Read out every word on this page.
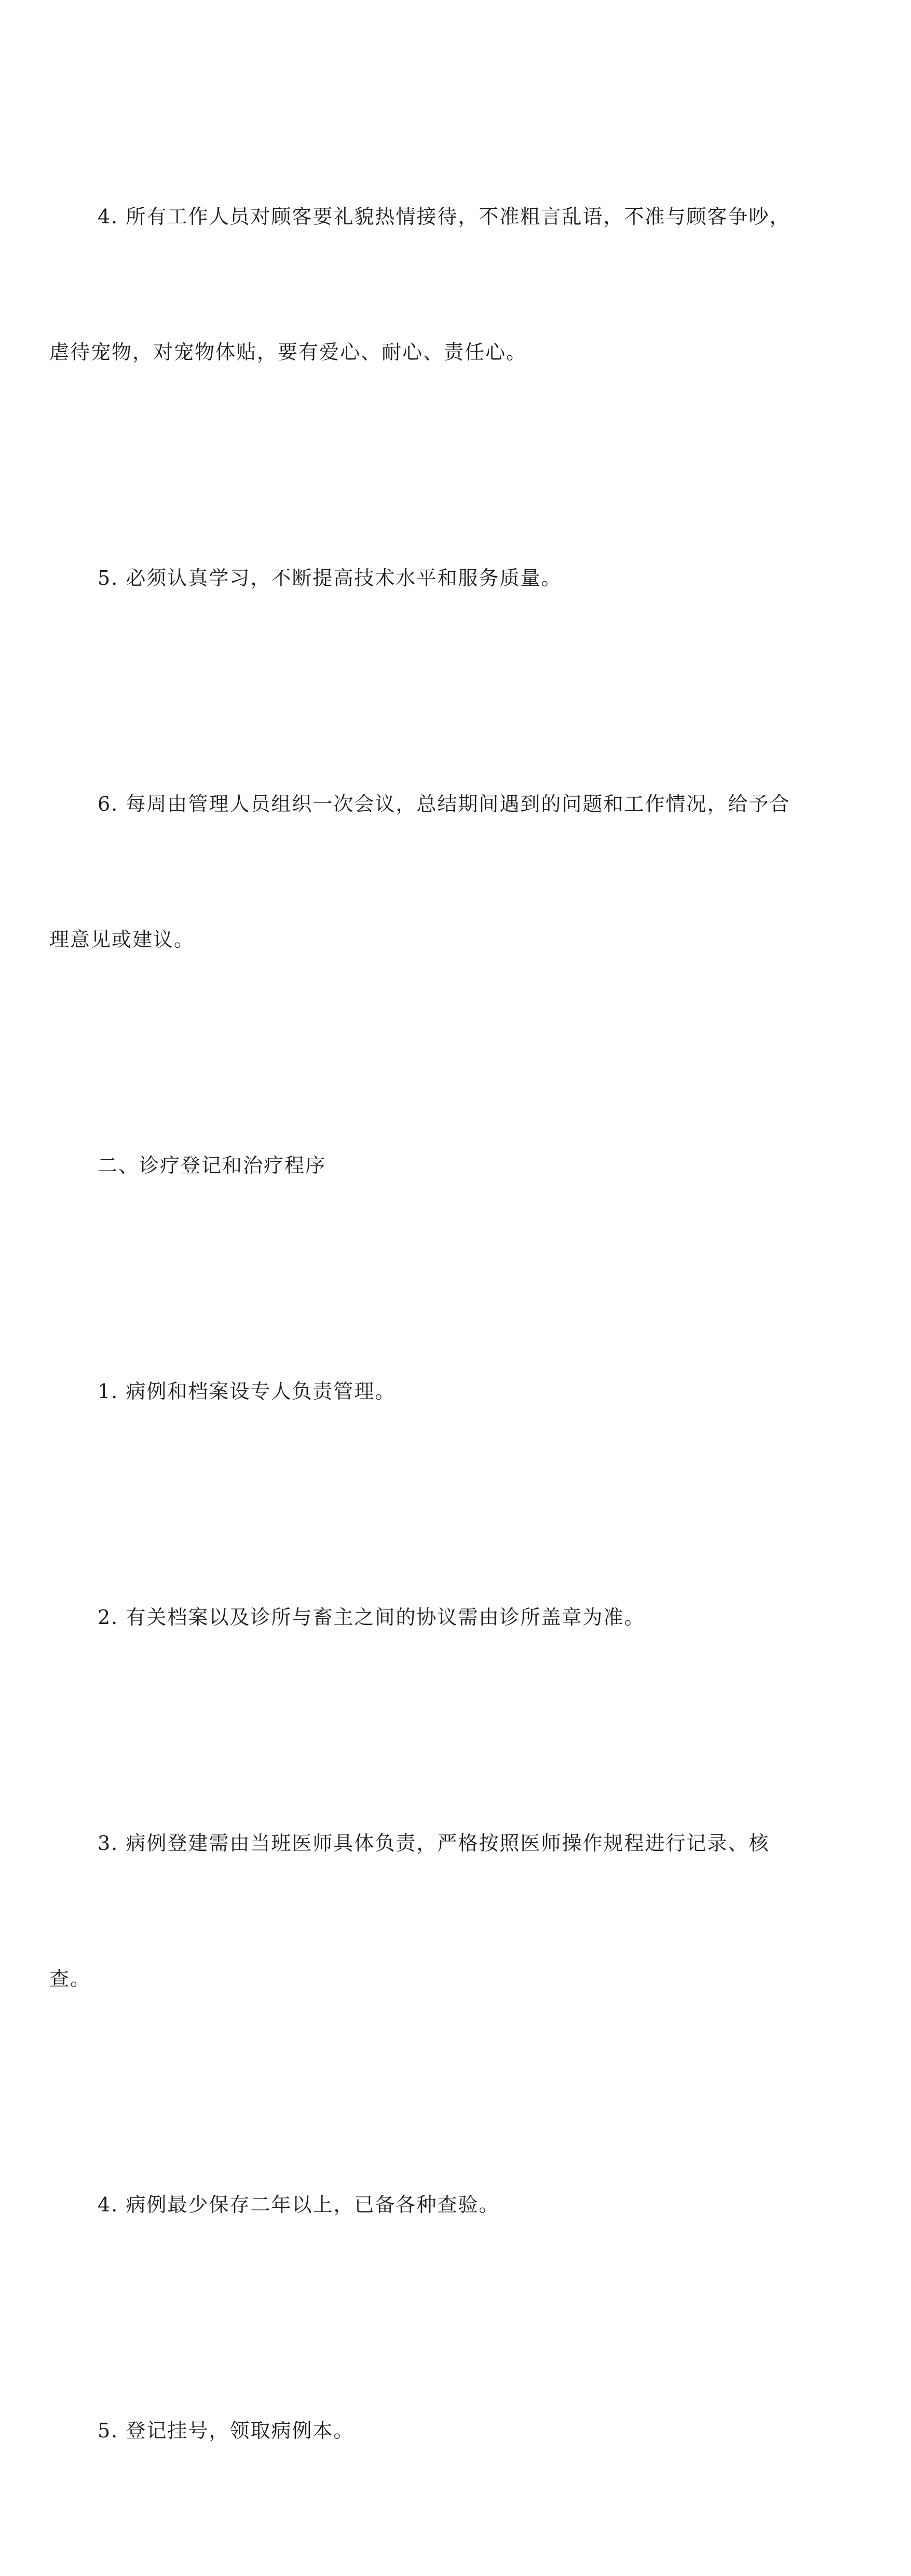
4. 所有工作人员对顾客要礼貌热情接待，不准粗言乱语，不准与顾客争吵，

虐待宠物，对宠物体贴，要有爱心、耐心、责任心。

5. 必须认真学习，不断提高技术水平和服务质量。

6. 每周由管理人员组织一次会议，总结期间遇到的问题和工作情况，给予合

理意见或建议。

二、诊疗登记和治疗程序

1. 病例和档案设专人负责管理。

2. 有关档案以及诊所与畜主之间的协议需由诊所盖章为准。

3. 病例登建需由当班医师具体负责，严格按照医师操作规程进行记录、核

查。

4. 病例最少保存二年以上，已备各种查验。

5. 登记挂号，领取病例本。
